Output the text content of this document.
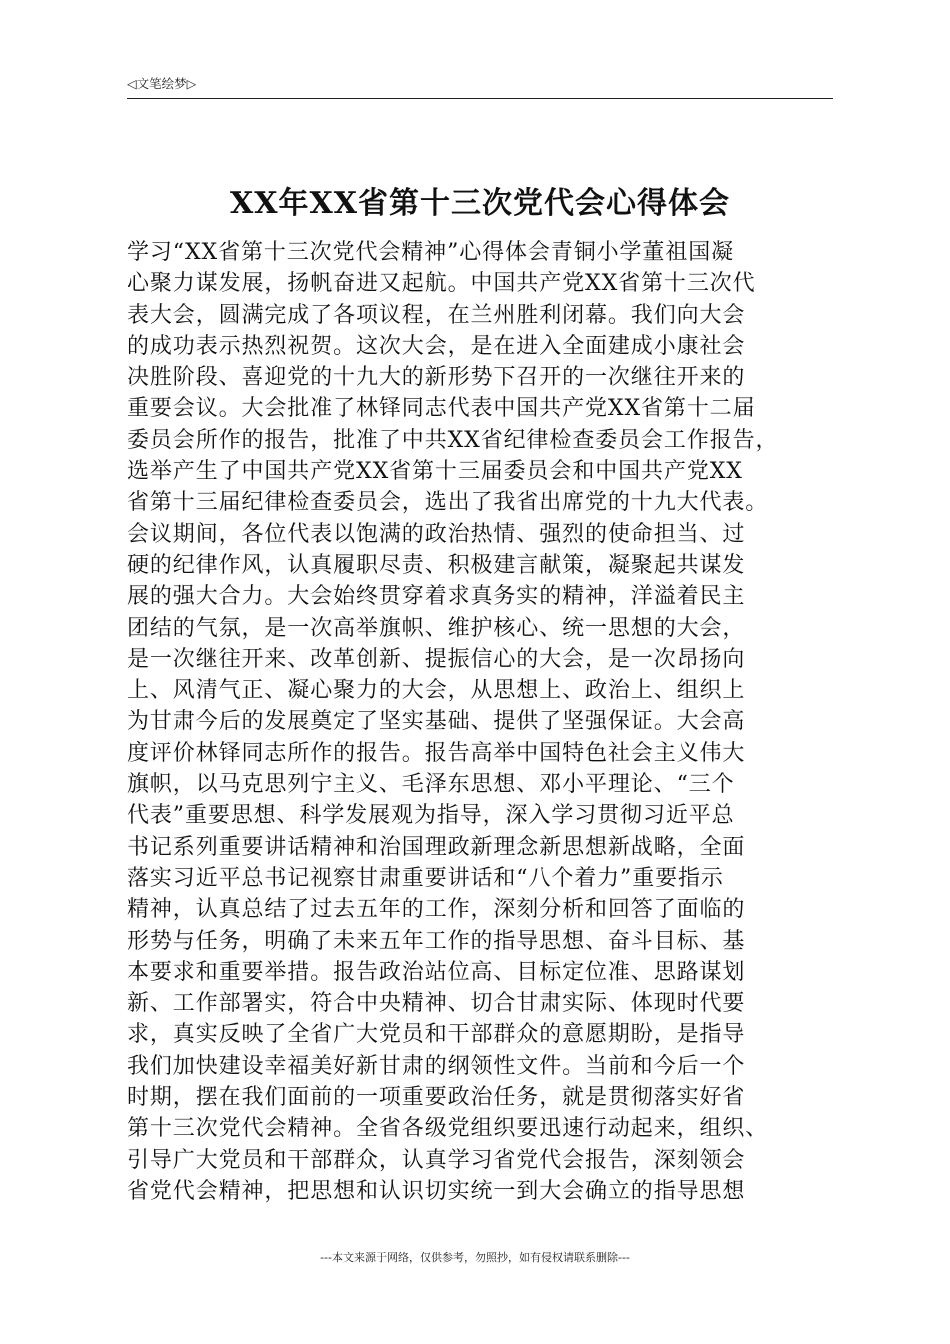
◁文笔绘梦▷
XX年XX省第十三次党代会心得体会
学习“XX省第十三次党代会精神”心得体会青铜小学董祖国凝
心聚力谋发展，扬帆奋进又起航。中国共产党XX省第十三次代
表大会，圆满完成了各项议程，在兰州胜利闭幕。我们向大会
的成功表示热烈祝贺。这次大会，是在进入全面建成小康社会
决胜阶段、喜迎党的十九大的新形势下召开的一次继往开来的
重要会议。大会批准了林铎同志代表中国共产党XX省第十二届
委员会所作的报告，批准了中共XX省纪律检查委员会工作报告，
选举产生了中国共产党XX省第十三届委员会和中国共产党XX
省第十三届纪律检查委员会，选出了我省出席党的十九大代表。
会议期间，各位代表以饱满的政治热情、强烈的使命担当、过
硬的纪律作风，认真履职尽责、积极建言献策，凝聚起共谋发
展的强大合力。大会始终贯穿着求真务实的精神，洋溢着民主
团结的气氛，是一次高举旗帜、维护核心、统一思想的大会，
是一次继往开来、改革创新、提振信心的大会，是一次昂扬向
上、风清气正、凝心聚力的大会，从思想上、政治上、组织上
为甘肃今后的发展奠定了坚实基础、提供了坚强保证。大会高
度评价林铎同志所作的报告。报告高举中国特色社会主义伟大
旗帜，以马克思列宁主义、毛泽东思想、邓小平理论、“三个
代表”重要思想、科学发展观为指导，深入学习贯彻习近平总
书记系列重要讲话精神和治国理政新理念新思想新战略，全面
落实习近平总书记视察甘肃重要讲话和“八个着力”重要指示
精神，认真总结了过去五年的工作，深刻分析和回答了面临的
形势与任务，明确了未来五年工作的指导思想、奋斗目标、基
本要求和重要举措。报告政治站位高、目标定位准、思路谋划
新、工作部署实，符合中央精神、切合甘肃实际、体现时代要
求，真实反映了全省广大党员和干部群众的意愿期盼，是指导
我们加快建设幸福美好新甘肃的纲领性文件。当前和今后一个
时期，摆在我们面前的一项重要政治任务，就是贯彻落实好省
第十三次党代会精神。全省各级党组织要迅速行动起来，组织、
引导广大党员和干部群众，认真学习省党代会报告，深刻领会
省党代会精神，把思想和认识切实统一到大会确立的指导思想
---本文来源于网络，仅供参考，勿照抄，如有侵权请联系删除---
